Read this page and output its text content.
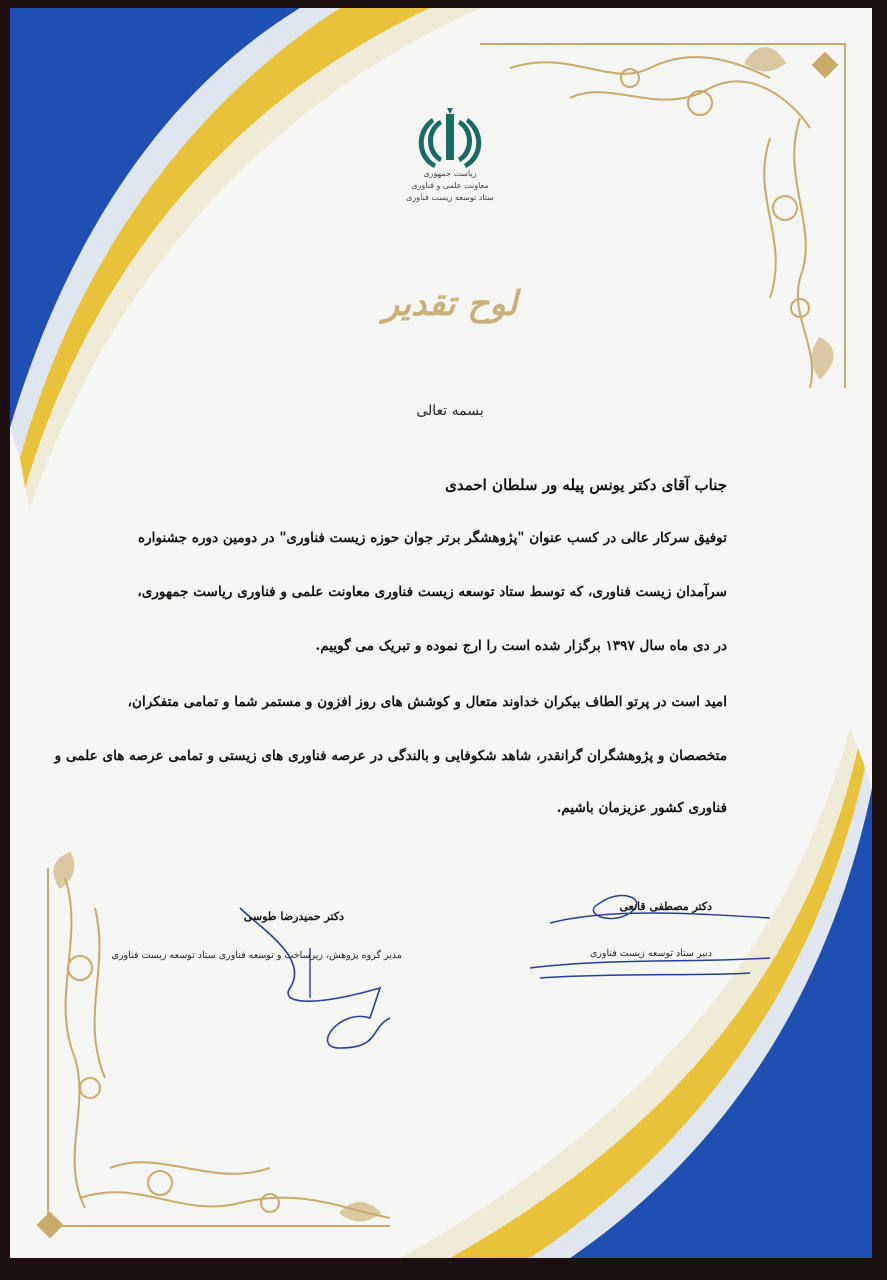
ریاست جمهوری
معاونت علمی و فناوری
ستاد توسعه زیست فناوری
لوح تقدیر
بسمه تعالی
جناب آقای دکتر یونس پیله ور سلطان احمدی
توفیق سرکار عالی در کسب عنوان "پژوهشگر برتر جوان حوزه زیست فناوری" در دومین دوره جشنواره
سرآمدان زیست فناوری، که توسط ستاد توسعه زیست فناوری معاونت علمی و فناوری ریاست جمهوری،
در دی ماه سال ۱۳۹۷ برگزار شده است را ارج نموده و تبریک می گوییم.
امید است در پرتو الطاف بیکران خداوند متعال و کوشش های روز افزون و مستمر شما و تمامی متفکران،
متخصصان و پژوهشگران گرانقدر، شاهد شکوفایی و بالندگی در عرصه فناوری های زیستی و تمامی عرصه های علمی و
فناوری کشور عزیزمان باشیم.
دکتر حمیدرضا طوسی
مدیر گروه پژوهش، زیرساخت و توسعه فناوری ستاد توسعه زیست فناوری
دکتر مصطفی قانعی
دبیر ستاد توسعه زیست فناوری
